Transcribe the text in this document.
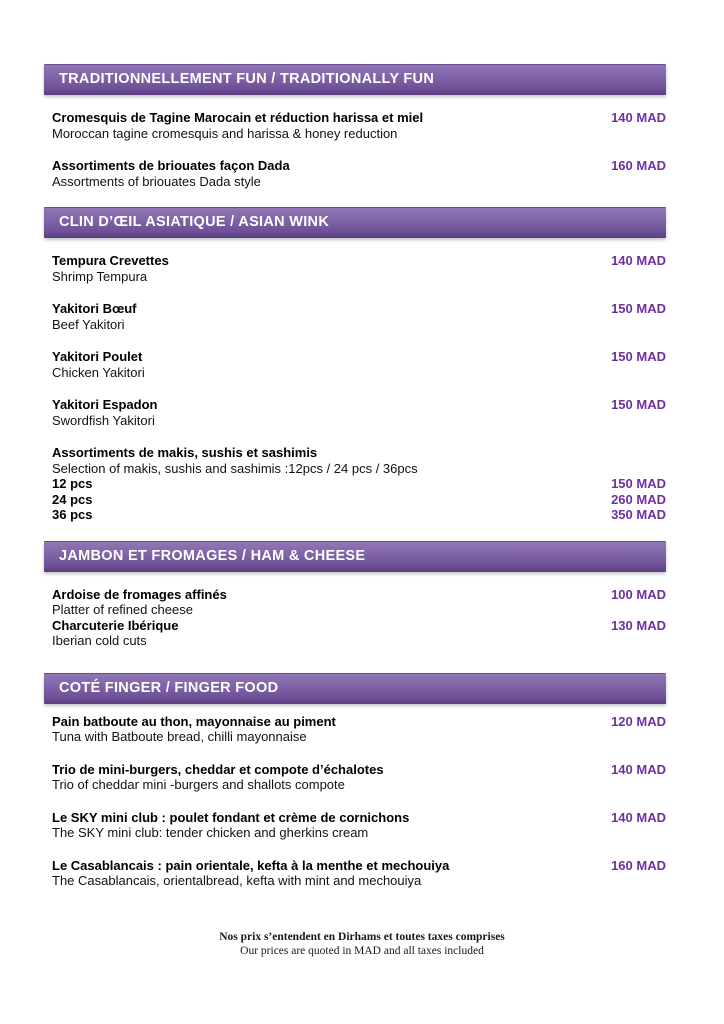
TRADITIONNELLEMENT FUN / TRADITIONALLY FUN
Cromesquis de Tagine Marocain et réduction harissa et miel
Moroccan tagine cromesquis and harissa & honey reduction
140 MAD
Assortiments de briouates façon Dada
Assortments of briouates Dada style
160 MAD
CLIN D’ŒIL ASIATIQUE / ASIAN WINK
Tempura Crevettes
Shrimp Tempura
140 MAD
Yakitori Bœuf
Beef Yakitori
150 MAD
Yakitori Poulet
Chicken Yakitori
150 MAD
Yakitori Espadon
Swordfish Yakitori
150 MAD
Assortiments de makis, sushis et sashimis
Selection of makis, sushis and sashimis :12pcs / 24 pcs / 36pcs
12 pcs	150 MAD
24 pcs	260 MAD
36 pcs	350 MAD
JAMBON ET FROMAGES / HAM & CHEESE
Ardoise de fromages affinés
Platter of refined cheese
100 MAD
Charcuterie Ibérique
Iberian cold cuts
130 MAD
COTÉ FINGER / FINGER FOOD
Pain batboute au thon, mayonnaise au piment
Tuna with Batboute bread, chilli mayonnaise
120 MAD
Trio de mini-burgers, cheddar et compote d’échalotes
Trio of cheddar mini -burgers and shallots compote
140 MAD
Le SKY mini club : poulet fondant et crème de cornichons
The SKY mini club: tender chicken and gherkins cream
140 MAD
Le Casablancais : pain orientale, kefta à la menthe et mechouiya
The Casablancais, orientalbread, kefta with mint and mechouiya
160 MAD
Nos prix s’entendent en Dirhams et toutes taxes comprises
Our prices are quoted in MAD and all taxes included
